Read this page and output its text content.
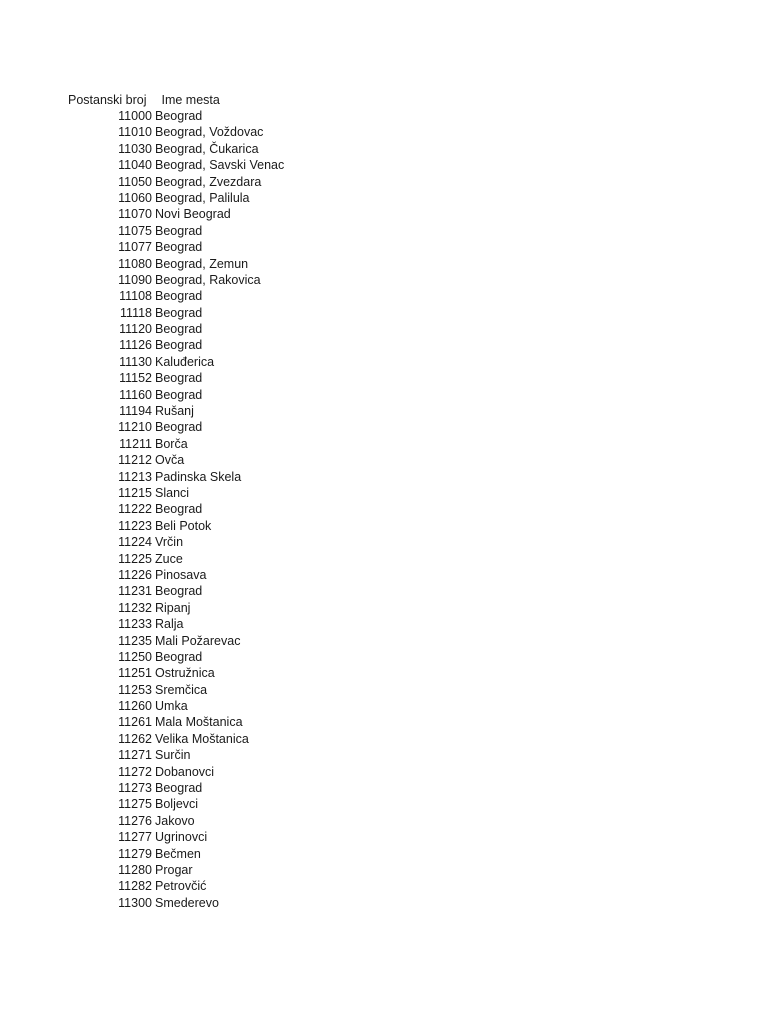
Postanski broj Ime mesta
11000 Beograd
11010 Beograd, Voždovac
11030 Beograd, Čukarica
11040 Beograd, Savski Venac
11050 Beograd, Zvezdara
11060 Beograd, Palilula
11070 Novi Beograd
11075 Beograd
11077 Beograd
11080 Beograd, Zemun
11090 Beograd, Rakovica
11108 Beograd
11118 Beograd
11120 Beograd
11126 Beograd
11130 Kaluđerica
11152 Beograd
11160 Beograd
11194 Rušanj
11210 Beograd
11211 Borča
11212 Ovča
11213 Padinska Skela
11215 Slanci
11222 Beograd
11223 Beli Potok
11224 Vrčin
11225 Zuce
11226 Pinosava
11231 Beograd
11232 Ripanj
11233 Ralja
11235 Mali Požarevac
11250 Beograd
11251 Ostružnica
11253 Sremčica
11260 Umka
11261 Mala Moštanica
11262 Velika Moštanica
11271 Surčin
11272 Dobanovci
11273 Beograd
11275 Boljevci
11276 Jakovo
11277 Ugrinovci
11279 Bečmen
11280 Progar
11282 Petrovčić
11300 Smederevo
